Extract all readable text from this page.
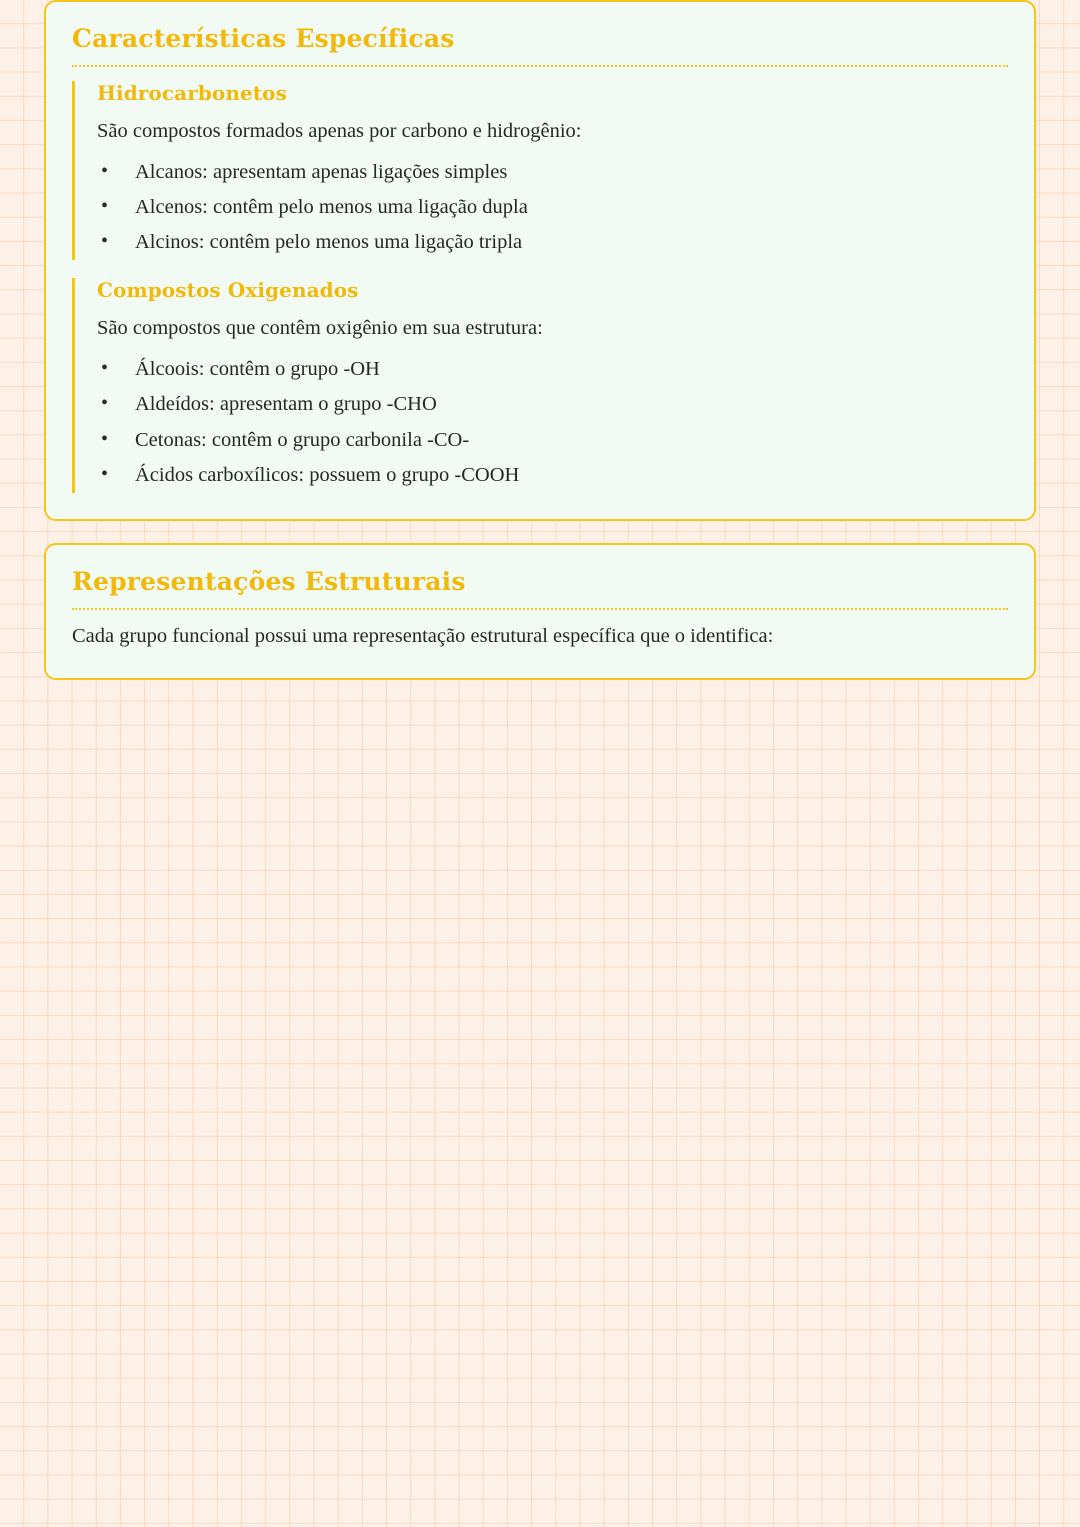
Características Específicas
Hidrocarbonetos

São compostos formados apenas por carbono e hidrogênio:

• Alcanos: apresentam apenas ligações simples
• Alcenos: contêm pelo menos uma ligação dupla
• Alcinos: contêm pelo menos uma ligação tripla
Compostos Oxigenados

São compostos que contêm oxigênio em sua estrutura:

• Álcoois: contêm o grupo -OH
• Aldeídos: apresentam o grupo -CHO
• Cetonas: contêm o grupo carbonila -CO-
• Ácidos carboxílicos: possuem o grupo -COOH
Representações Estruturais

Cada grupo funcional possui uma representação estrutural específica que o identifica:
